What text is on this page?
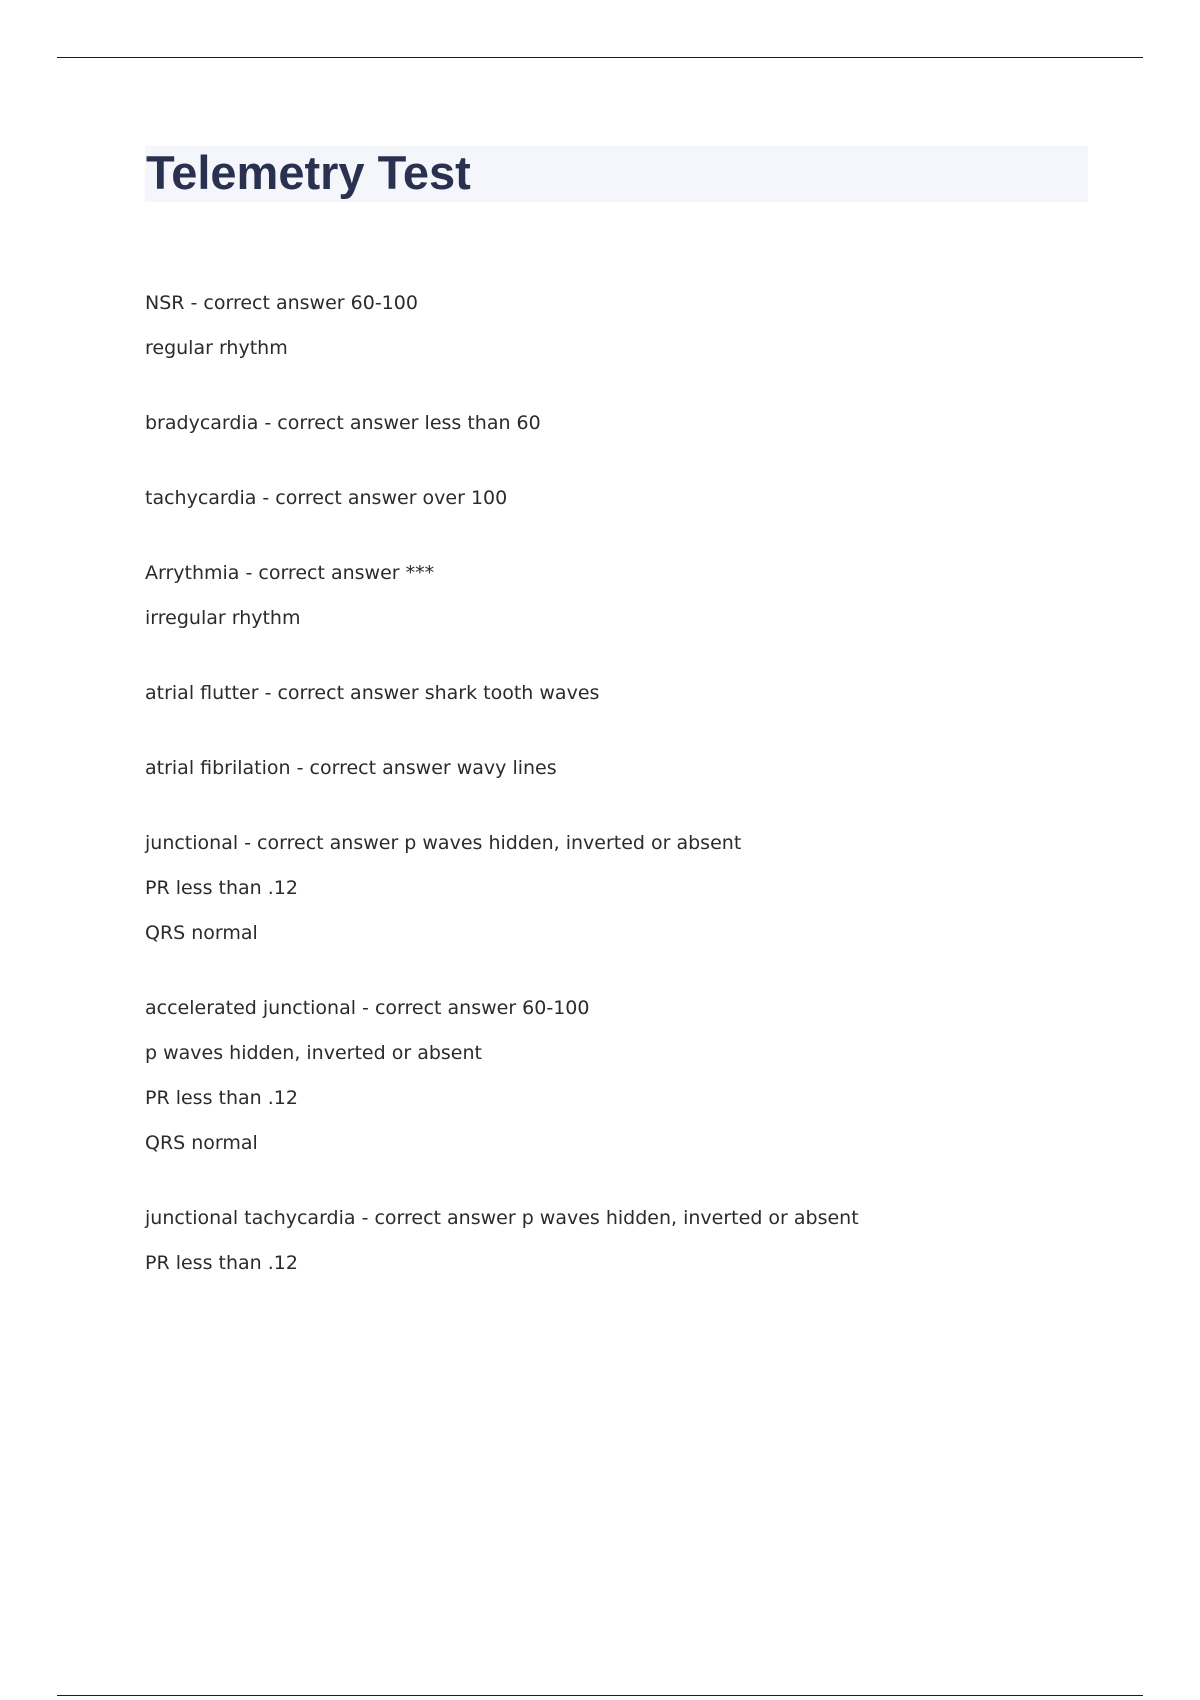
Telemetry Test

NSR - correct answer 60-100

regular rhythm

bradycardia - correct answer less than 60

tachycardia - correct answer over 100

Arrythmia - correct answer ***

irregular rhythm

atrial flutter - correct answer shark tooth waves

atrial fibrilation - correct answer wavy lines

junctional - correct answer p waves hidden, inverted or absent

PR less than .12

QRS normal

accelerated junctional - correct answer 60-100

p waves hidden, inverted or absent

PR less than .12

QRS normal

junctional tachycardia - correct answer p waves hidden, inverted or absent

PR less than .12
